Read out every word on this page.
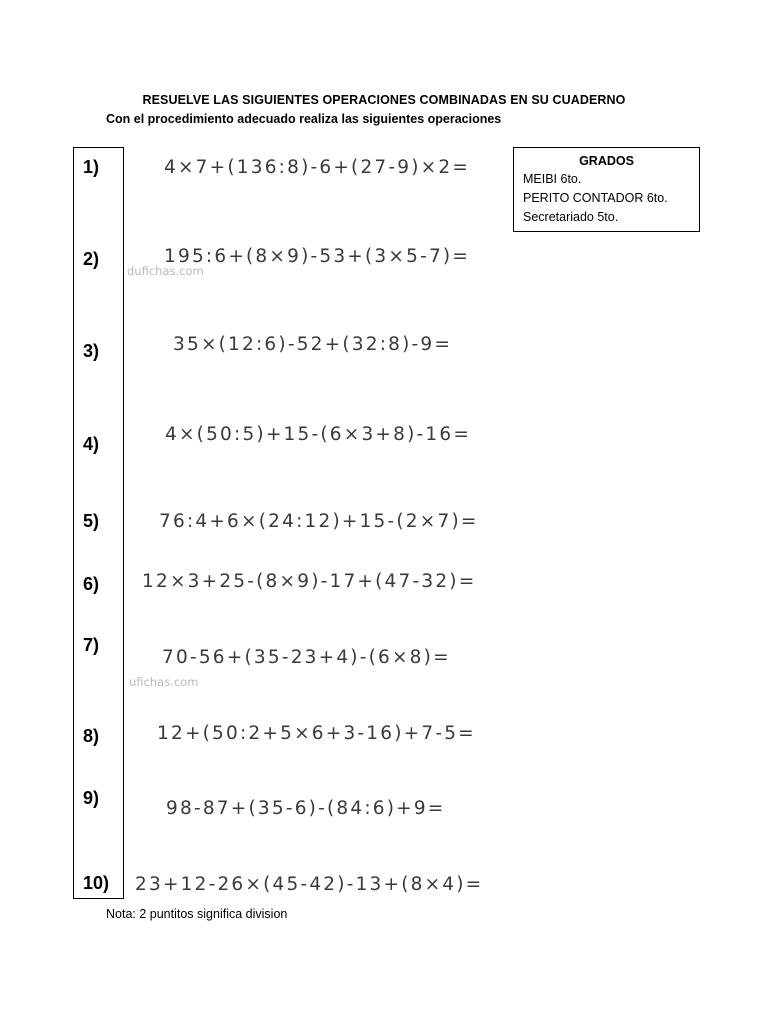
RESUELVE LAS SIGUIENTES OPERACIONES COMBINADAS EN SU CUADERNO
Con el procedimiento adecuado realiza las siguientes operaciones
1)
2)
3)
4)
5)
6)
7)
8)
9)
10)
4×7+(136:8)-6+(27-9)×2=
195:6+(8×9)-53+(3×5-7)=
35×(12:6)-52+(32:8)-9=
4×(50:5)+15-(6×3+8)-16=
76:4+6×(24:12)+15-(2×7)=
12×3+25-(8×9)-17+(47-32)=
70-56+(35-23+4)-(6×8)=
12+(50:2+5×6+3-16)+7-5=
98-87+(35-6)-(84:6)+9=
23+12-26×(45-42)-13+(8×4)=
dufichas.com
ufichas.com
GRADOS
MEIBI 6to.
PERITO CONTADOR 6to.
Secretariado 5to.
Nota: 2 puntitos significa division
